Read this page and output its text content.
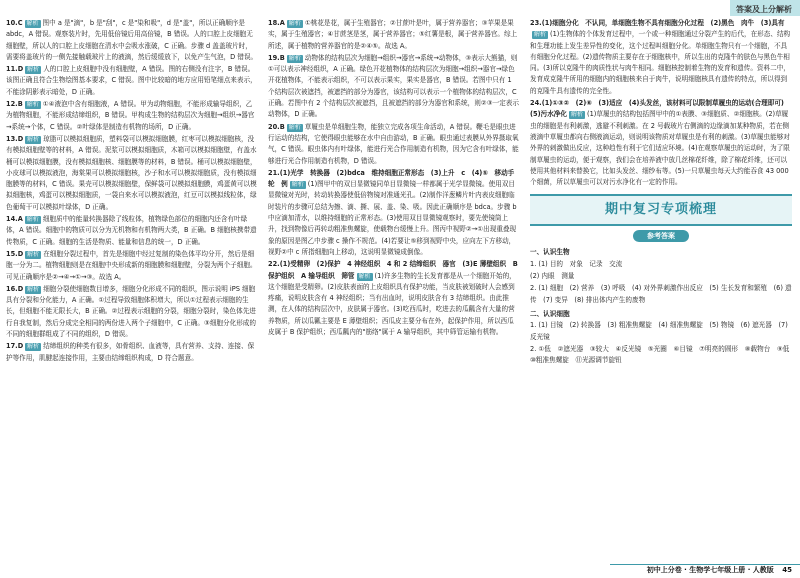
答案及上分解析
10.C 解析 图中 a 是"滴"，b 是"刮"，c 是"染和吸"，d 是"盖"，所以正确顺序是 abdc，A 错误。观察装片时，先用低倍镜后用高倍镜，B 错误。人的口腔上皮细胞无细胞壁，所以人的口腔上皮细胞在清水中会吸水涨破，C 正确。步骤 d 盖盖玻片时，需要将盖玻片的一侧先接触载玻片上的液滴，然后缓缓放下，以免产生气泡，D 错误。
11.D 解析 人的口腔上皮细胞中没有细胞壁，A 错误。图的右侧没有注字，B 错误。该图正确且符合生物绘图基本要求，C 错误。图中比较暗的地方应用铅笔细点来表示，不能涂阴影表示暗处，D 正确。
12.B 解析 ①④液泡中含有细胞液，A 错误。甲为动物细胞，不能形成输导组织，乙为植物细胞，不能形成结缔组织，B 错误。甲构成生物的结构层次为细胞→组织→器官→系统→个体，C 错误。②叶绿体是制造有机物的场所，D 正确。
13.D 解析 琼脂可以模拟细胞质，塑料袋可以模拟细胞膜，红枣可以模拟细胞核，没有模拟细胞壁等的材料，A 错误。泥浆可以模拟细胞质，木箱可以模拟细胞壁，有盖水桶可以模拟细胞膜，没有模拟细胞核、细胞膜等的材料，B 错误。桶可以模拟细胞壁，小皮球可以模拟液泡，海棠果可以模拟细胞核，沙子和水可以模拟细胞质，没有模拟细胞膜等的材料，C 错误。果壳可以模拟细胞壁，保鲜袋可以模拟细胞膜，鸡蛋黄可以模拟细胞核，鸡蛋可以模拟细胞质，一袋自来水可以模拟液泡，红豆可以模拟线粒体，绿色葡萄干可以模拟叶绿体，D 正确。
14.A 解析 细胞质中的能量转换器除了线粒体，植物绿色部位的细胞内还含有叶绿体，A 错误。细胞中的物质可以分为无机物和有机物两大类，B 正确。B 细胞核携带遗传物质，C 正确。细胞的生活是物质、能量和信息的统一，D 正确。
15.D 解析 在细胞分裂过程中，首先是细胞中经过复制的染色体平均分开，然后是细胞一分为二。植物细胞则是在细胞中央形成新的细胞膜和细胞壁，分裂为两个子细胞。可见正确顺序是②→④→①→③。故选 A。
16.D 解析 细胞分裂使细胞数目增多，细胞分化形成不同的组织，图示说明 iPS 细胞具有分裂和分化能力，A 正确。①过程导致细胞体积增大，所以①过程表示细胞的生长，但细胞不能无限长大，B 正确。②过程表示细胞的分裂，细胞分裂时，染色体先进行自我复制，然后分成完全相同的两份进入两个子细胞中，C 正确。③细胞分化形成的不同的细胞群组成了不同的组织，D 错误。
17.D 解析 结缔组织的种类有很多，如骨组织、血液等，具有营养、支持、连接、保护等作用，肌腱起连接作用，主要由结缔组织构成，D 符合题意。
18.A 解析 ①桃花是花，属于生殖器官；②甘蔗叶是叶，属于营养器官；③苹果是果实，属于生殖器官；④甘蔗茎是茎，属于营养器官；⑤红薯是根，属于营养器官。综上所述，属于植物的营养器官的是②④⑤。故选 A。
19.B 解析 动物体的结构层次为细胞→组织→器官→系统→动物体，③表示大熊猫，则①可以表示神经组织，A 正确。绿色开花植物体的结构层次为细胞→组织→器官→绿色开花植物体，不能表示组织，不可以表示果实，果实是器官，B 错误。若图中只有 1 个结构层次被遮挡，被遮挡的部分为器官，该结构可以表示一个植物体的结构层次，C 正确。若图中有 2 个结构层次被遮挡，且被遮挡的部分为器官和系统，则②③一定表示动物体，D 正确。
20.B 解析 草履虫是单细胞生物，能独立完成各项生命活动，A 错误。鞭毛是眼虫进行运动的结构，它使得眼虫能够在水中自由游动，B 正确。眼虫通过表膜从外界摄取氧气，C 错误。眼虫体内有叶绿体，能进行光合作用制造有机物，因为它含有叶绿体，能够进行光合作用制造有机物，D 错误。
21.(1)光学　转换器　(2)bdca　维持细胞正常形态　(3)上升　c　(4)⑤　移动手轮　例 解析 (1)图甲中的双目显微镜同单目显微镜一样都属于光学显微镜。使用双目显微镜对光时，转动转换器使低倍物镜对准通光孔。(2)制作洋葱鳞片叶内表皮细胞临时装片的步骤可总结为擦、滴、撕、展、盖、染、吸。因此正确顺序是 bdca。步骤 b 中应滴加清水，以维持细胞的正常形态。(3)使用双目显微镜观察时，要先使镜筒上升，找到物像后再转动粗准焦螺旋，使载物台缓慢上升。图丙中视野②→①出现重叠现象的原因是图乙中步骤 c 操作不规范。(4)若要让⑤移到视野中央，应向左下方移动，视野②中 c 所指细胞向上移动，这说明显微镜成倒像。
22.(1)受精卵　(2)保护　4 神经组织　4 和 2 结缔组织　器官　(3)E 薄壁组织　B 保护组织　A 输导组织　筛管 解析 (1)许多生物的生长发育都是从一个细胞开始的，这个细胞是受精卵。(2)皮肤表面的上皮组织具有保护功能，当皮肤被划破时人会感到疼痛，说明皮肤含有 4 神经组织；当有出血时，说明皮肤含有 3 结缔组织。由此推测，在人体的结构层次中，皮肤属于器官。(3)吃西瓜时，吃进去的瓜瓤含有大量的营养物质，所以瓜瓤主要是 E 薄壁组织；西瓜皮主要分布在外，起保护作用，所以西瓜皮属于 B 保护组织；西瓜瓤内的"筋络"属于 A 输导组织，其中筛管运输有机物。
23.(1)细胞分化　不认同，单细胞生物不具有细胞分化过程　(2)黑色　肉牛　(3)具有解析 (1)生物体的个体发育过程中，一个或一种细胞通过分裂产生的后代，在形态、结构和生理功能上发生差异性的变化，这个过程叫细胞分化。单细胞生物只有一个细胞，不具有细胞分化过程。(2)遗传物质主要存在于细胞核中，所以生出的克隆牛的肤色与黑色牛相同。(3)所以克隆牛的肉质性状与肉牛相同。细胞核控制着生物的发育和遗传。资料二中，发育成克隆牛所用的细胞内的细胞核来自于肉牛，说明细胞核具有遗传的特点，所以得到的克隆牛具有遗传的完全性。
24.(1)①③②　(2)⑥　(3)适应　(4)头发丝，该材料可以限制草履虫的运动(合理即可)　(5)污水净化 解析 (1)草履虫的结构包括图甲中的①表膜、③细胞质、②细胞核。(2)草履虫的细胞是有利刺激，逃避不利刺激。在 2 号载玻片右侧滴的边缘滴加某种物质，若在侧液滴中草履虫都向右侧液滴运动，则说明该物质对草履虫是有利的刺激。(3)草履虫能够对外界的刺激做出反应，这种趋性有利于它们适应环境。(4)在观察草履虫的运动时，为了限制草履虫的运动，便于观察，我们会在培养液中放几丝棉花纤维，除了棉花纤维，还可以使用其他材料来替换它，比如头发丝、细纱布等。(5)一只草履虫每天大约能吞食 43 000 个细菌，所以草履虫可以对污水净化有一定的作用。
期中复习专项梳理
参考答案
一、认识生物
1. (1) 目的　对象　记录　交流
(2) 内眼　测量
2. (1) 细胞　(2) 营养　(3) 呼吸　(4) 对外界刺激作出反应　(5) 生长发育和繁殖　(6) 遗传　(7) 变异　(8) 排出体内产生的废物
二、认识细胞
1. (1) 目镜　(2) 转换器　(3) 粗准焦螺旋　(4) 细准焦螺旋　(5) 物镜　(6) 遮光器　(7) 反光镜
2. ①低　②遮光器　③较大　④反光镜　⑤光圈　⑥目镜　⑦明亮的圆形　⑧载物台　⑨低　⑩粗准焦螺旋　⑪光源调节旋钮
初中上分卷 · 生物学七年级上册 · 人教版 45
